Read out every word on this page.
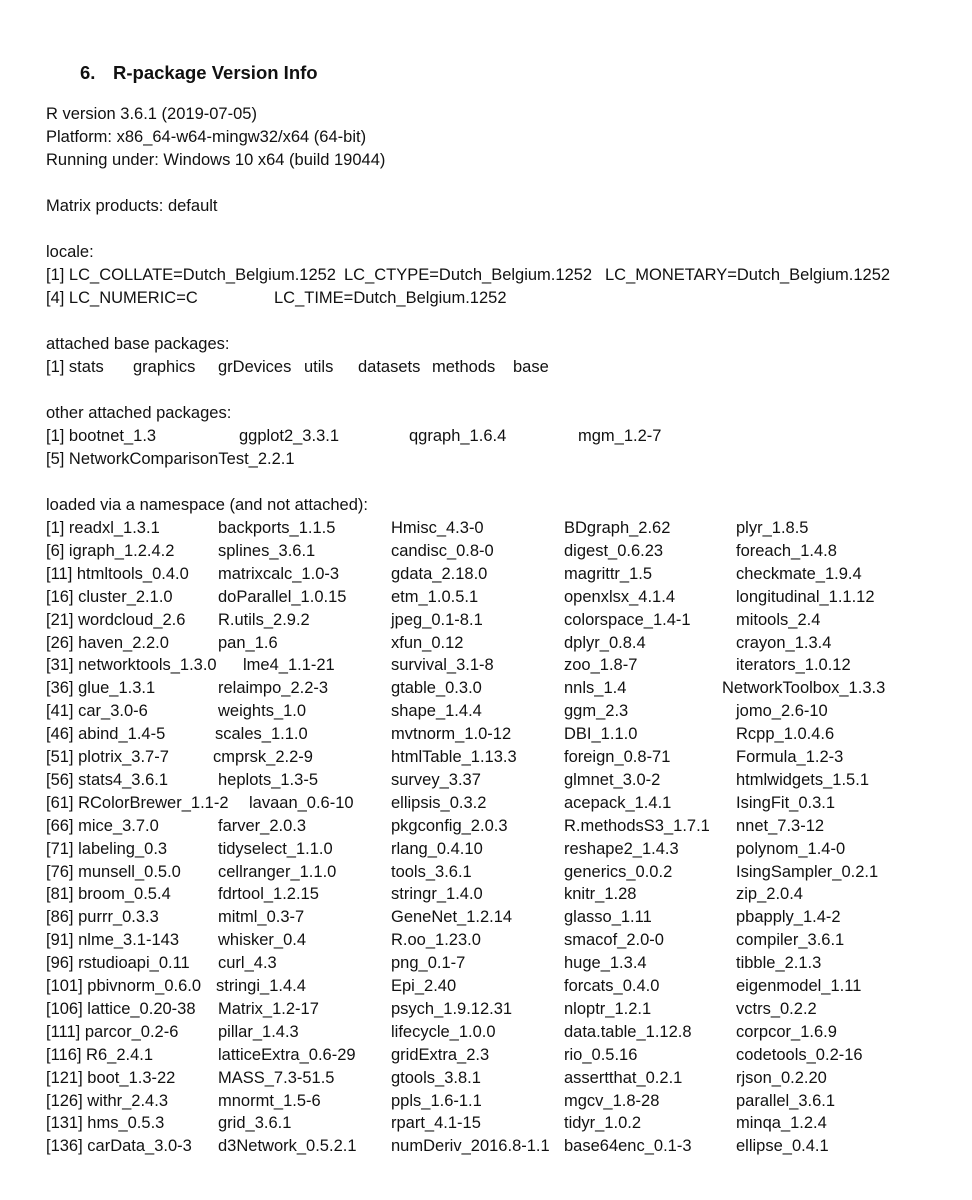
6. R-package Version Info
R version 3.6.1 (2019-07-05)
Platform: x86_64-w64-mingw32/x64 (64-bit)
Running under: Windows 10 x64 (build 19044)
Matrix products: default
locale:
[1] LC_COLLATE=Dutch_Belgium.1252 LC_CTYPE=Dutch_Belgium.1252 LC_MONETARY=Dutch_Belgium.1252
[4] LC_NUMERIC=C	LC_TIME=Dutch_Belgium.1252
attached base packages:
[1] stats graphics grDevices utils datasets methods base
other attached packages:
[1] bootnet_1.3	ggplot2_3.3.1	qgraph_1.6.4	mgm_1.2-7
[5] NetworkComparisonTest_2.2.1
loaded via a namespace (and not attached):
[1] readxl_1.3.1	backports_1.1.5	Hmisc_4.3-0	BDgraph_2.62	plyr_1.8.5
[6] igraph_1.2.4.2	splines_3.6.1	candisc_0.8-0	digest_0.6.23	foreach_1.4.8
[11] htmltools_0.4.0 matrixcalc_1.0-3	gdata_2.18.0	magrittr_1.5	checkmate_1.9.4
[16] cluster_2.1.0	doParallel_1.0.15	etm_1.0.5.1	openxlsx_4.1.4	longitudinal_1.1.12
[21] wordcloud_2.6 R.utils_2.9.2	jpeg_0.1-8.1	colorspace_1.4-1	mitools_2.4
[26] haven_2.2.0	pan_1.6	xfun_0.12	dplyr_0.8.4	crayon_1.3.4
[31] networktools_1.3.0 lme4_1.1-21	survival_3.1-8	zoo_1.8-7	iterators_1.0.12
[36] glue_1.3.1	relaimpo_2.2-3	gtable_0.3.0	nnls_1.4	NetworkToolbox_1.3.3
[41] car_3.0-6	weights_1.0	shape_1.4.4	ggm_2.3	jomo_2.6-10
[46] abind_1.4-5	scales_1.1.0	mvtnorm_1.0-12	DBI_1.1.0	Rcpp_1.0.4.6
[51] plotrix_3.7-7	cmprsk_2.2-9	htmlTable_1.13.3	foreign_0.8-71	Formula_1.2-3
[56] stats4_3.6.1	heplots_1.3-5	survey_3.37	glmnet_3.0-2	htmlwidgets_1.5.1
[61] RColorBrewer_1.1-2 lavaan_0.6-10 ellipsis_0.3.2	acepack_1.4.1	IsingFit_0.3.1
[66] mice_3.7.0	farver_2.0.3	pkgconfig_2.0.3	R.methodsS3_1.7.1 nnet_7.3-12
[71] labeling_0.3	tidyselect_1.1.0	rlang_0.4.10	reshape2_1.4.3	polynom_1.4-0
[76] munsell_0.5.0 cellranger_1.1.0	tools_3.6.1	generics_0.0.2	IsingSampler_0.2.1
[81] broom_0.5.4	fdrtool_1.2.15	stringr_1.4.0	knitr_1.28	zip_2.0.4
[86] purrr_0.3.3	mitml_0.3-7	GeneNet_1.2.14	glasso_1.11	pbapply_1.4-2
[91] nlme_3.1-143 whisker_0.4	R.oo_1.23.0	smacof_2.0-0	compiler_3.6.1
[96] rstudioapi_0.11 curl_4.3	png_0.1-7	huge_1.3.4	tibble_2.1.3
[101] pbivnorm_0.6.0 stringi_1.4.4	Epi_2.40	forcats_0.4.0	eigenmodel_1.11
[106] lattice_0.20-38 Matrix_1.2-17	psych_1.9.12.31	nloptr_1.2.1	vctrs_0.2.2
[111] parcor_0.2-6 pillar_1.4.3	lifecycle_1.0.0	data.table_1.12.8	corpcor_1.6.9
[116] R6_2.4.1	latticeExtra_0.6-29 gridExtra_2.3	rio_0.5.16	codetools_0.2-16
[121] boot_1.3-22	MASS_7.3-51.5	gtools_3.8.1	assertthat_0.2.1	rjson_0.2.20
[126] withr_2.4.3	mnormt_1.5-6	ppls_1.6-1.1	mgcv_1.8-28	parallel_3.6.1
[131] hms_0.5.3	grid_3.6.1	rpart_4.1-15	tidyr_1.0.2	minqa_1.2.4
[136] carData_3.0-3 d3Network_0.5.2.1 numDeriv_2016.8-1.1 base64enc_0.1-3	ellipse_0.4.1
